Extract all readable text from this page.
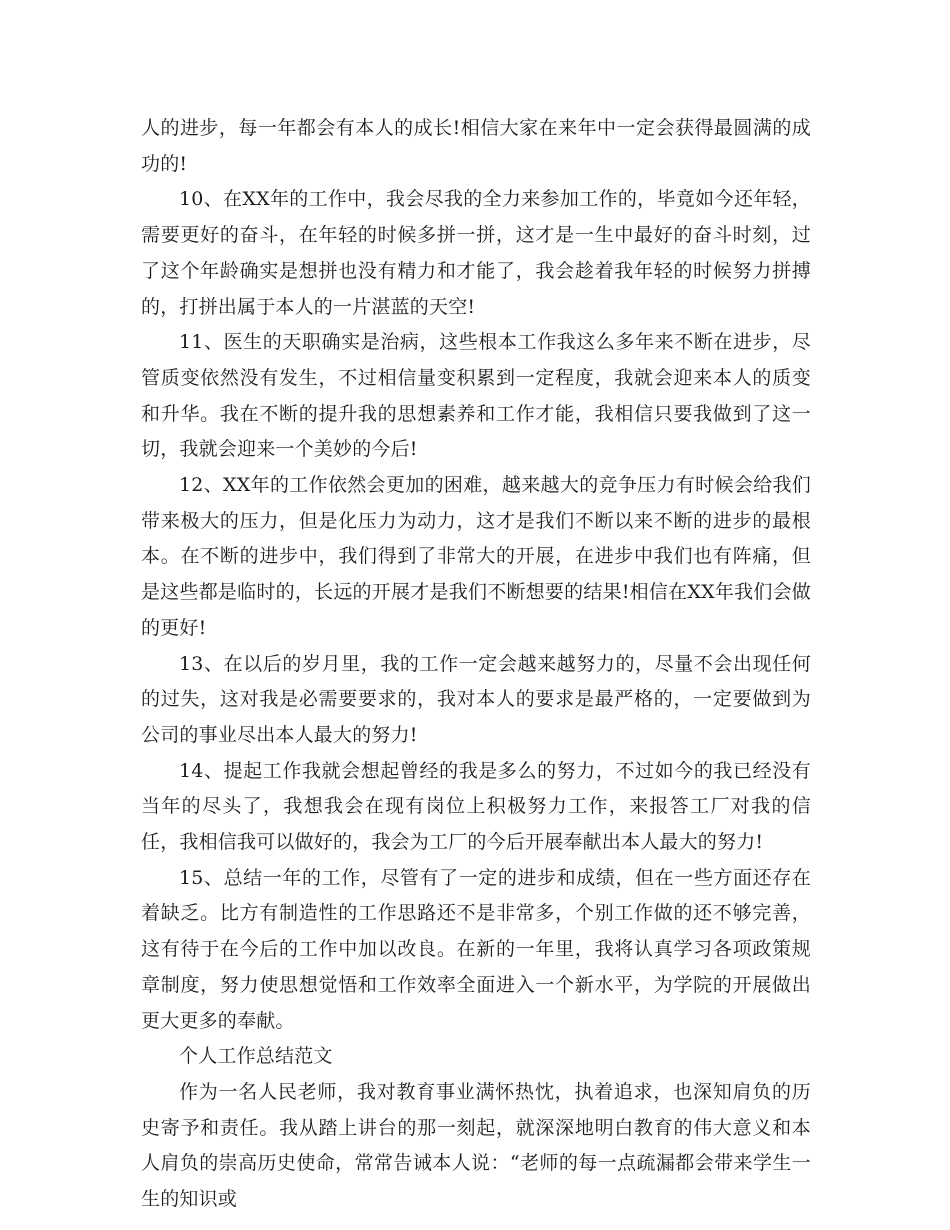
人的进步，每一年都会有本人的成长!相信大家在来年中一定会获得最圆满的成功的!

10、在XX年的工作中，我会尽我的全力来参加工作的，毕竟如今还年轻，需要更好的奋斗，在年轻的时候多拼一拼，这才是一生中最好的奋斗时刻，过了这个年龄确实是想拼也没有精力和才能了，我会趁着我年轻的时候努力拼搏的，打拼出属于本人的一片湛蓝的天空!

11、医生的天职确实是治病，这些根本工作我这么多年来不断在进步，尽管质变依然没有发生，不过相信量变积累到一定程度，我就会迎来本人的质变和升华。我在不断的提升我的思想素养和工作才能，我相信只要我做到了这一切，我就会迎来一个美妙的今后!

12、XX年的工作依然会更加的困难，越来越大的竞争压力有时候会给我们带来极大的压力，但是化压力为动力，这才是我们不断以来不断的进步的最根本。在不断的进步中，我们得到了非常大的开展，在进步中我们也有阵痛，但是这些都是临时的，长远的开展才是我们不断想要的结果!相信在XX年我们会做的更好!

13、在以后的岁月里，我的工作一定会越来越努力的，尽量不会出现任何的过失，这对我是必需要要求的，我对本人的要求是最严格的，一定要做到为公司的事业尽出本人最大的努力!

14、提起工作我就会想起曾经的我是多么的努力，不过如今的我已经没有当年的尽头了，我想我会在现有岗位上积极努力工作，来报答工厂对我的信任，我相信我可以做好的，我会为工厂的今后开展奉献出本人最大的努力!

15、总结一年的工作，尽管有了一定的进步和成绩，但在一些方面还存在着缺乏。比方有制造性的工作思路还不是非常多，个别工作做的还不够完善，这有待于在今后的工作中加以改良。在新的一年里，我将认真学习各项政策规章制度，努力使思想觉悟和工作效率全面进入一个新水平，为学院的开展做出更大更多的奉献。

个人工作总结范文

作为一名人民老师，我对教育事业满怀热忱，执着追求，也深知肩负的历史寄予和责任。我从踏上讲台的那一刻起，就深深地明白教育的伟大意义和本人肩负的崇高历史使命，常常告诫本人说：“老师的每一点疏漏都会带来学生一生的知识或
